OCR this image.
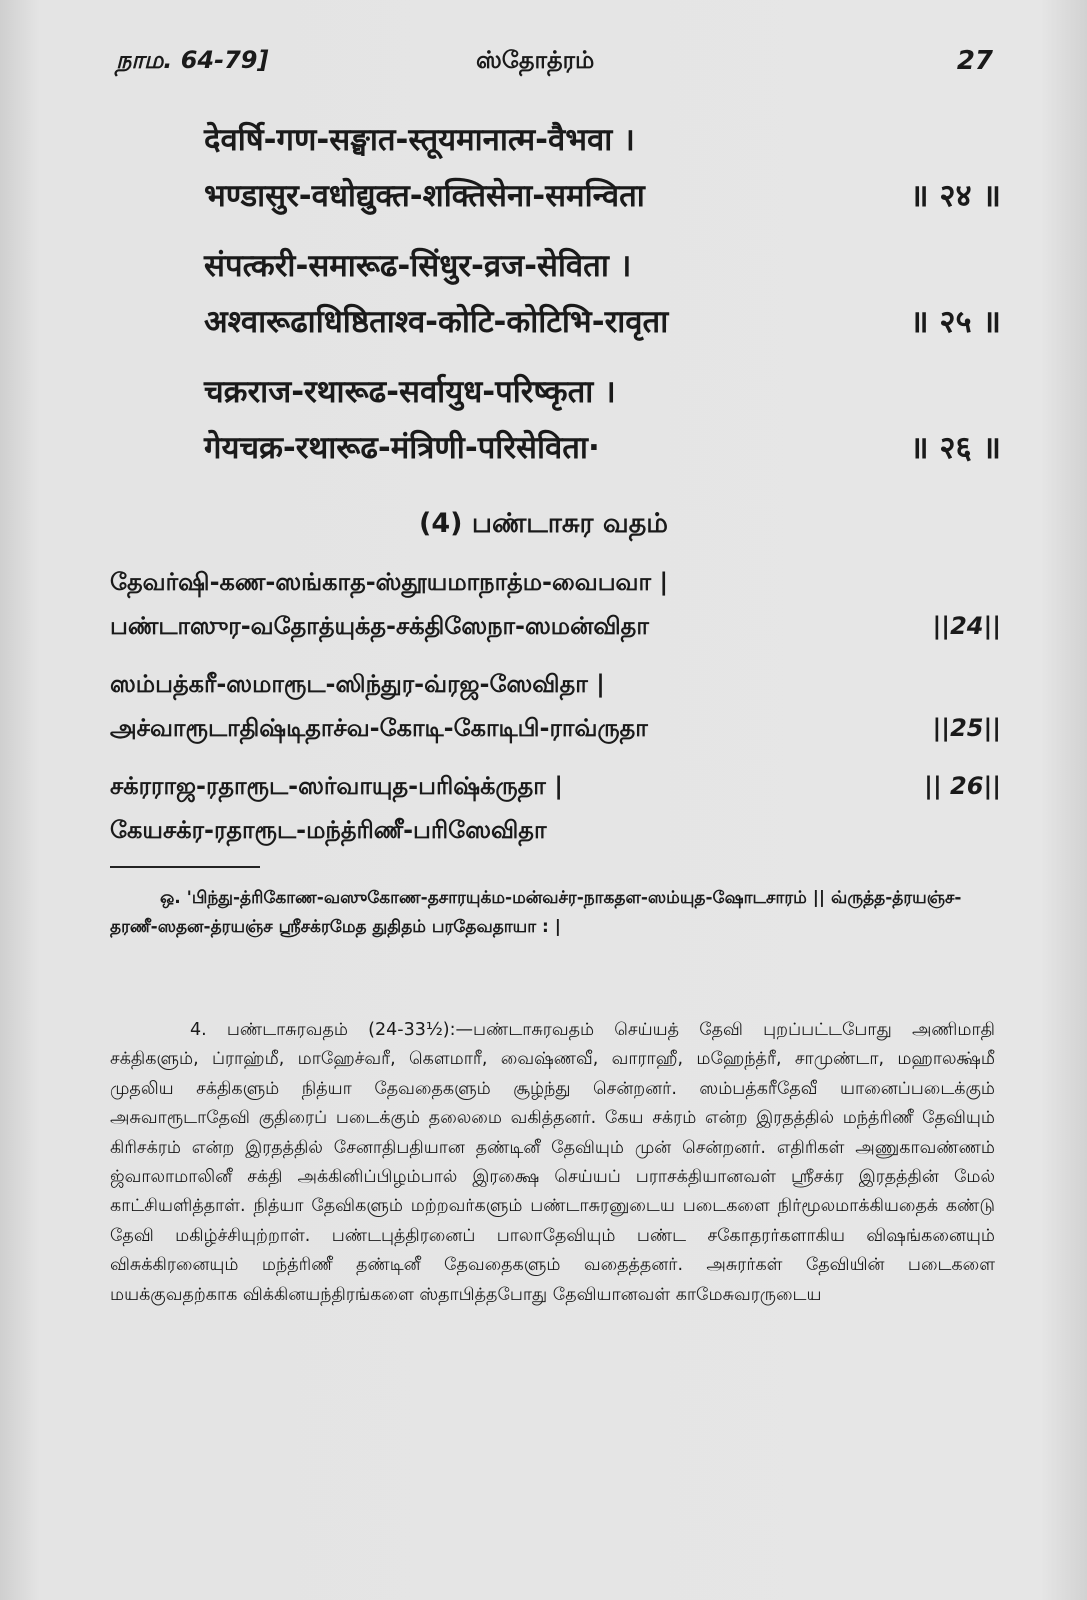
நாம. 64-79]	ஸ்தோத்ரம்	27
देवर्षि-गण-सङ्घात-स्तूयमानात्म-वैभवा ।
भण्डासुर-वधोद्युक्त-शक्तिसेना-समन्विता	॥ २४ ॥
संपत्करी-समारूढ-सिंधुर-व्रज-सेविता ।
अश्वारूढाधिष्ठिताश्व-कोटि-कोटिभि-रावृता	॥ २५ ॥
चक्रराज-रथारूढ-सर्वायुध-परिष्कृता ।
गेयचक्र-रथारूढ-मंत्रिणी-परिसेविता·	॥ २६ ॥
(4) பண்டாசுர வதம்
தேவர்ஷி-கண-ஸங்காத-ஸ்தூயமாநாத்ம-வைபவா |
பண்டாஸுர-வதோத்யுக்த-சக்திஸேநா-ஸமன்விதா	||24||
ஸம்பத்கரீ-ஸமாரூட-ஸிந்துர-வ்ரஜ-ஸேவிதா |
அச்வாரூடாதிஷ்டிதாச்வ-கோடி-கோடிபி-ராவ்ருதா	||25||
சக்ரராஜ-ரதாரூட-ஸர்வாயுத-பரிஷ்க்ருதா |	|| 26||
கேயசக்ர-ரதாரூட-மந்த்ரிணீ-பரிஸேவிதா
ஒ. 'பிந்து-த்ரிகோண-வஸுகோண-தசாரயுக்ம-மன்வச்ர-நாகதள-ஸம்யுத-ஷோடசாரம் || வ்ருத்த-த்ரயஞ்ச-தரணீ-ஸதன-த்ரயஞ்ச ஸ்ரீசக்ரமேத துதிதம் பரதேவதாயா : |
4. பண்டாசுரவதம் (24-33½):—பண்டாசுரவதம் செய்யத் தேவி புறப்பட்டபோது அணிமாதி சக்திகளும், ப்ராஹ்மீ, மாஹேச்வரீ, கௌமாரீ, வைஷ்ணவீ, வாராஹீ, மஹேந்த்ரீ, சாமுண்டா, மஹாலக்ஷ்மீ முதலிய சக்திகளும் நித்யா தேவதைகளும் சூழ்ந்து சென்றனர். ஸம்பத்கரீதேவீ யானைப்படைக்கும் அசுவாரூடாதேவி குதிரைப் படைக்கும் தலைமை வகித்தனர். கேய சக்ரம் என்ற இரதத்தில் மந்த்ரிணீ தேவியும் கிரிசக்ரம் என்ற இரதத்தில் சேனாதிபதியான தண்டினீ தேவியும் முன் சென்றனர். எதிரிகள் அணுகாவண்ணம் ஜ்வாலாமாலினீ சக்தி அக்கினிப்பிழம்பால் இரக்ஷை செய்யப் பராசக்தியானவள் ஸ்ரீசக்ர இரதத்தின் மேல் காட்சியளித்தாள். நித்யா தேவிகளும் மற்றவர்களும் பண்டாசுரனுடைய படைகளை நிர்மூலமாக்கியதைக் கண்டு தேவி மகிழ்ச்சியுற்றாள். பண்டபுத்திரனைப் பாலாதேவியும் பண்ட சகோதரர்களாகிய விஷங்கனையும் விசுக்கிரனையும் மந்த்ரிணீ தண்டினீ தேவதைகளும் வதைத்தனர். அசுரர்கள் தேவியின் படைகளை மயக்குவதற்காக விக்கினயந்திரங்களை ஸ்தாபித்தபோது தேவியானவள் காமேசுவரருடைய
